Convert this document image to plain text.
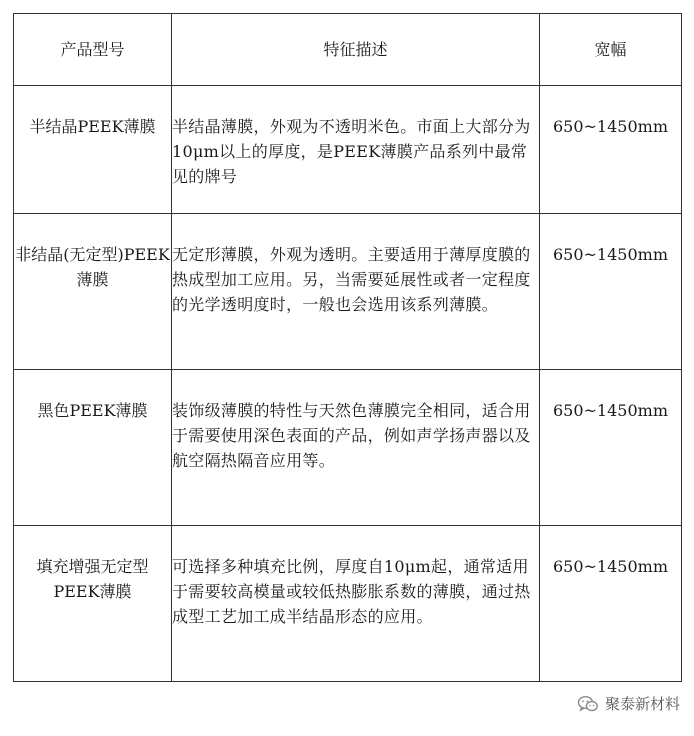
产品型号	特征描述	宽幅
半结晶PEEK薄膜	半结晶薄膜，外观为不透明米色。市面上大部分为10μm以上的厚度，是PEEK薄膜产品系列中最常见的牌号	650~1450mm
非结晶(无定型)PEEK薄膜	无定形薄膜，外观为透明。主要适用于薄厚度膜的热成型加工应用。另，当需要延展性或者一定程度的光学透明度时，一般也会选用该系列薄膜。	650~1450mm
黑色PEEK薄膜	装饰级薄膜的特性与天然色薄膜完全相同，适合用于需要使用深色表面的产品，例如声学扬声器以及航空隔热隔音应用等。	650~1450mm
填充增强无定型PEEK薄膜	可选择多种填充比例，厚度自10μm起，通常适用于需要较高模量或较低热膨胀系数的薄膜，通过热成型工艺加工成半结晶形态的应用。	650~1450mm
聚泰新材料
